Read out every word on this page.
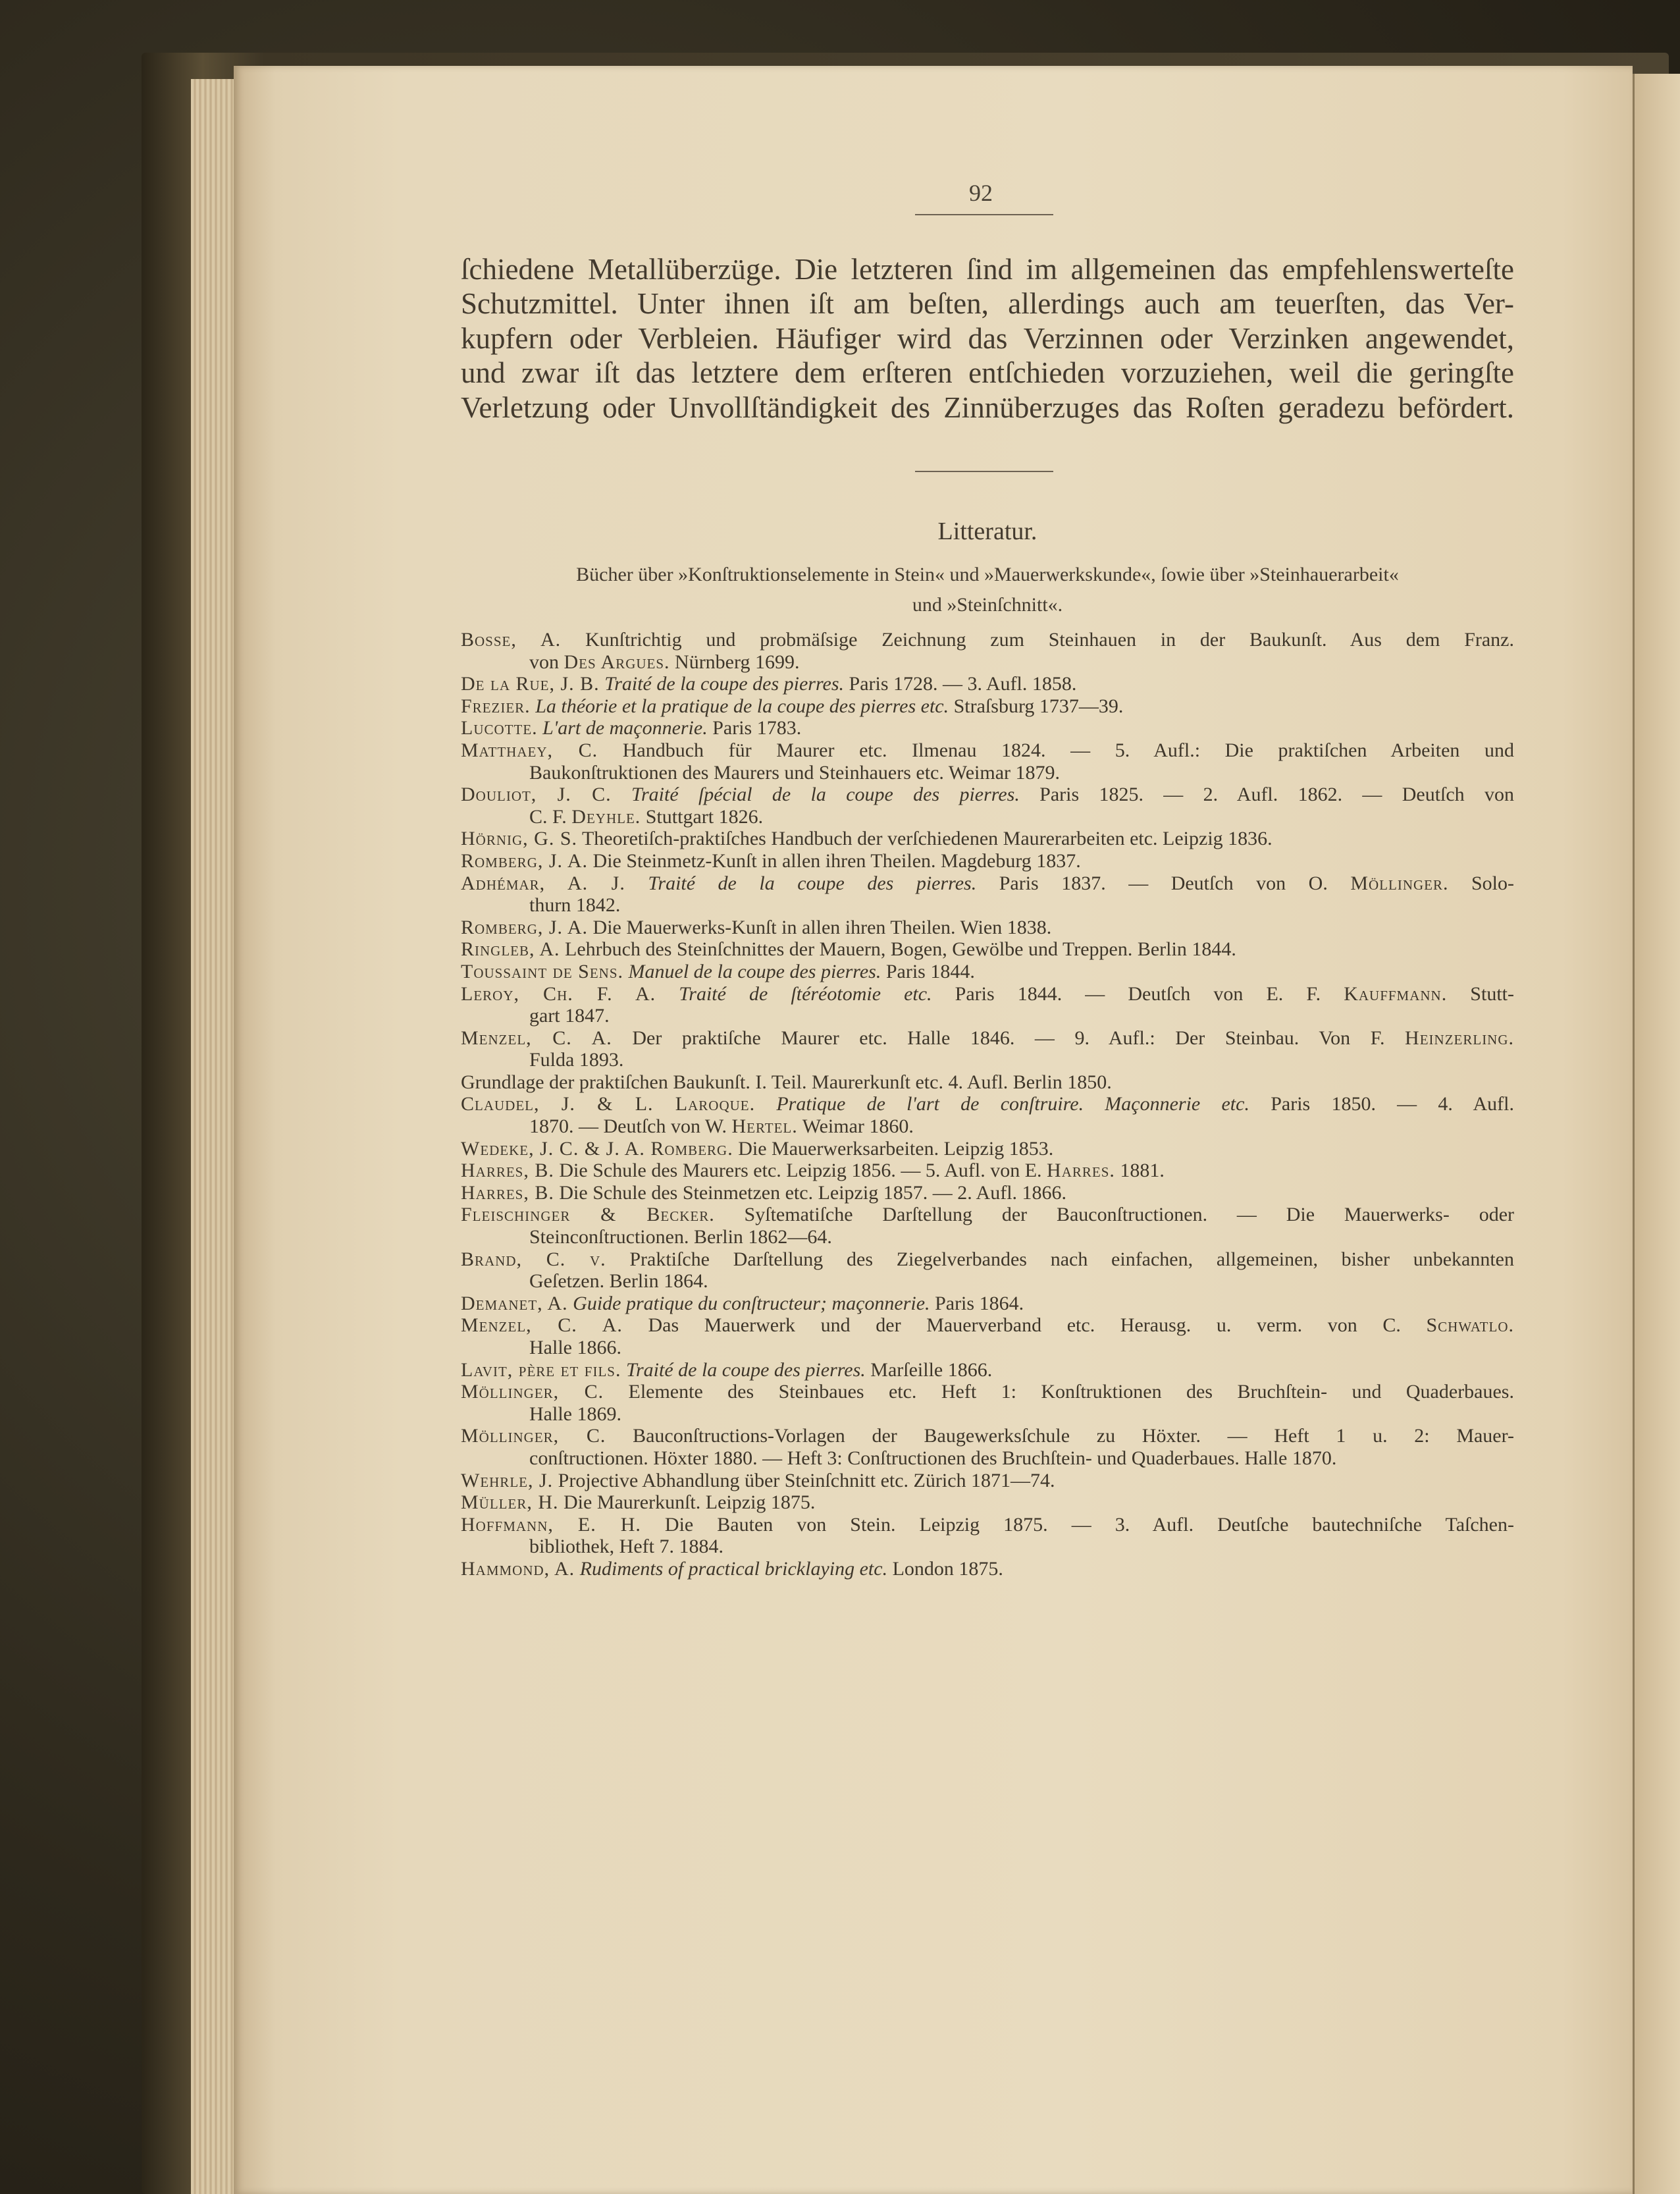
92
ſchiedene Metallüberzüge. Die letzteren ſind im allgemeinen das empfehlenswerteſte
Schutzmittel. Unter ihnen iſt am beſten, allerdings auch am teuerſten, das Ver-
kupfern oder Verbleien. Häufiger wird das Verzinnen oder Verzinken angewendet,
und zwar iſt das letztere dem erſteren entſchieden vorzuziehen, weil die geringſte
Verletzung oder Unvollſtändigkeit des Zinnüberzuges das Roſten geradezu befördert.
Litteratur.
Bücher über »Konſtruktionselemente in Stein« und »Mauerwerkskunde«, ſowie über »Steinhauerarbeit«
und »Steinſchnitt«.
Bosse, A. Kunſtrichtig und probmäſsige Zeichnung zum Steinhauen in der Baukunſt. Aus dem Franz.
von Des Argues. Nürnberg 1699.
De la Rue, J. B. Traité de la coupe des pierres. Paris 1728. — 3. Aufl. 1858.
Frezier. La théorie et la pratique de la coupe des pierres etc. Straſsburg 1737—39.
Lucotte. L'art de maçonnerie. Paris 1783.
Matthaey, C. Handbuch für Maurer etc. Ilmenau 1824. — 5. Aufl.: Die praktiſchen Arbeiten und
Baukonſtruktionen des Maurers und Steinhauers etc. Weimar 1879.
Douliot, J. C. Traité ſpécial de la coupe des pierres. Paris 1825. — 2. Aufl. 1862. — Deutſch von
C. F. Deyhle. Stuttgart 1826.
Hörnig, G. S. Theoretiſch-praktiſches Handbuch der verſchiedenen Maurerarbeiten etc. Leipzig 1836.
Romberg, J. A. Die Steinmetz-Kunſt in allen ihren Theilen. Magdeburg 1837.
Adhémar, A. J. Traité de la coupe des pierres. Paris 1837. — Deutſch von O. Möllinger. Solo-
thurn 1842.
Romberg, J. A. Die Mauerwerks-Kunſt in allen ihren Theilen. Wien 1838.
Ringleb, A. Lehrbuch des Steinſchnittes der Mauern, Bogen, Gewölbe und Treppen. Berlin 1844.
Toussaint de Sens. Manuel de la coupe des pierres. Paris 1844.
Leroy, Ch. F. A. Traité de ſtéréotomie etc. Paris 1844. — Deutſch von E. F. Kauffmann. Stutt-
gart 1847.
Menzel, C. A. Der praktiſche Maurer etc. Halle 1846. — 9. Aufl.: Der Steinbau. Von F. Heinzerling.
Fulda 1893.
Grundlage der praktiſchen Baukunſt. I. Teil. Maurerkunſt etc. 4. Aufl. Berlin 1850.
Claudel, J. & L. Laroque. Pratique de l'art de conſtruire. Maçonnerie etc. Paris 1850. — 4. Aufl.
1870. — Deutſch von W. Hertel. Weimar 1860.
Wedeke, J. C. & J. A. Romberg. Die Mauerwerksarbeiten. Leipzig 1853.
Harres, B. Die Schule des Maurers etc. Leipzig 1856. — 5. Aufl. von E. Harres. 1881.
Harres, B. Die Schule des Steinmetzen etc. Leipzig 1857. — 2. Aufl. 1866.
Fleischinger & Becker. Syſtematiſche Darſtellung der Bauconſtructionen. — Die Mauerwerks- oder
Steinconſtructionen. Berlin 1862—64.
Brand, C. v. Praktiſche Darſtellung des Ziegelverbandes nach einfachen, allgemeinen, bisher unbekannten
Geſetzen. Berlin 1864.
Demanet, A. Guide pratique du conſtructeur; maçonnerie. Paris 1864.
Menzel, C. A. Das Mauerwerk und der Mauerverband etc. Herausg. u. verm. von C. Schwatlo.
Halle 1866.
Lavit, père et fils. Traité de la coupe des pierres. Marſeille 1866.
Möllinger, C. Elemente des Steinbaues etc. Heft 1: Konſtruktionen des Bruchſtein- und Quaderbaues.
Halle 1869.
Möllinger, C. Bauconſtructions-Vorlagen der Baugewerksſchule zu Höxter. — Heft 1 u. 2: Mauer-
conſtructionen. Höxter 1880. — Heft 3: Conſtructionen des Bruchſtein- und Quaderbaues. Halle 1870.
Wehrle, J. Projective Abhandlung über Steinſchnitt etc. Zürich 1871—74.
Müller, H. Die Maurerkunſt. Leipzig 1875.
Hoffmann, E. H. Die Bauten von Stein. Leipzig 1875. — 3. Aufl. Deutſche bautechniſche Taſchen-
bibliothek, Heft 7. 1884.
Hammond, A. Rudiments of practical bricklaying etc. London 1875.
